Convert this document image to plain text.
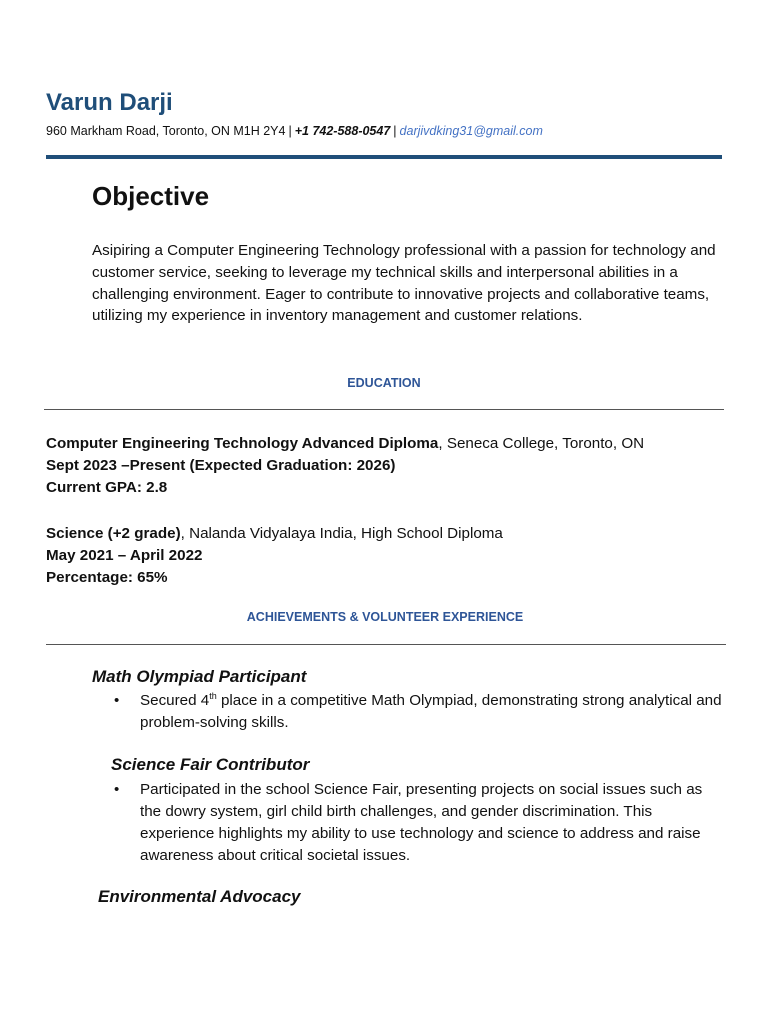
Varun Darji
960 Markham Road, Toronto, ON M1H 2Y4 | +1 742-588-0547 | darjivdking31@gmail.com
Objective
Asipiring a Computer Engineering Technology professional with a passion for technology and customer service, seeking to leverage my technical skills and interpersonal abilities in a challenging environment. Eager to contribute to innovative projects and collaborative teams, utilizing my experience in inventory management and customer relations.
EDUCATION
Computer Engineering Technology Advanced Diploma, Seneca College, Toronto, ON
Sept 2023 –Present (Expected Graduation: 2026)
Current GPA: 2.8
Science (+2 grade), Nalanda Vidyalaya India, High School Diploma
May 2021 – April 2022
Percentage: 65%
ACHIEVEMENTS & VOLUNTEER EXPERIENCE
Math Olympiad Participant
• Secured 4th place in a competitive Math Olympiad, demonstrating strong analytical and problem-solving skills.
Science Fair Contributor
• Participated in the school Science Fair, presenting projects on social issues such as the dowry system, girl child birth challenges, and gender discrimination. This experience highlights my ability to use technology and science to address and raise awareness about critical societal issues.
Environmental Advocacy
